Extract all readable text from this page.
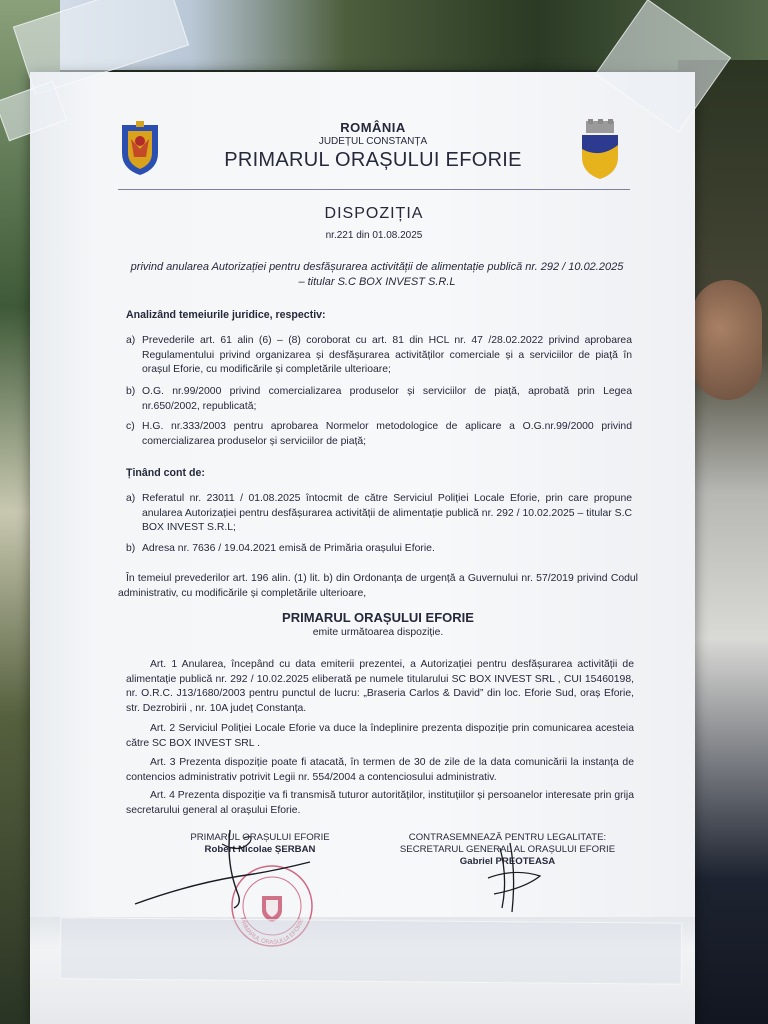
ROMÂNIA
JUDEȚUL CONSTANȚA
PRIMARUL ORAȘULUI EFORIE
DISPOZIȚIA
nr.221 din 01.08.2025
privind anularea Autorizației pentru desfășurarea activității de alimentație publică nr. 292 / 10.02.2025
– titular S.C BOX INVEST S.R.L
Analizând temeiurile juridice, respectiv:
a) Prevederile art. 61 alin (6) – (8) coroborat cu art. 81 din HCL nr. 47 /28.02.2022 privind aprobarea Regulamentului privind organizarea și desfășurarea activităților comerciale și a serviciilor de piață în orașul Eforie, cu modificările și completările ulterioare;
b) O.G. nr.99/2000 privind comercializarea produselor și serviciilor de piață, aprobată prin Legea nr.650/2002, republicată;
c) H.G. nr.333/2003 pentru aprobarea Normelor metodologice de aplicare a O.G.nr.99/2000 privind comercializarea produselor și serviciilor de piață;
Ținând cont de:
a) Referatul nr. 23011 / 01.08.2025 întocmit de către Serviciul Poliției Locale Eforie, prin care propune anularea Autorizației pentru desfășurarea activității de alimentație publică nr. 292 / 10.02.2025 – titular S.C BOX INVEST S.R.L;
b) Adresa nr. 7636 / 19.04.2021 emisă de Primăria orașului Eforie.
În temeiul prevederilor art. 196 alin. (1) lit. b) din Ordonanța de urgență a Guvernului nr. 57/2019 privind Codul administrativ, cu modificările și completările ulterioare,
PRIMARUL ORAȘULUI EFORIE
emite următoarea dispoziție.
Art. 1 Anularea, începând cu data emiterii prezentei, a Autorizației pentru desfășurarea activității de alimentație publică nr. 292 / 10.02.2025 eliberată pe numele titularului SC BOX INVEST SRL , CUI 15460198, nr. O.R.C. J13/1680/2003 pentru punctul de lucru: „Braseria Carlos & David” din loc. Eforie Sud, oraș Eforie, str. Dezrobirii , nr. 10A județ Constanța.
Art. 2 Serviciul Poliției Locale Eforie va duce la îndeplinire prezenta dispoziție prin comunicarea acesteia către SC BOX INVEST SRL .
Art. 3 Prezenta dispoziție poate fi atacată, în termen de 30 de zile de la data comunicării la instanța de contencios administrativ potrivit Legii nr. 554/2004 a contenciosului administrativ.
Art. 4 Prezenta dispoziție va fi transmisă tuturor autorităților, instituțiilor și persoanelor interesate prin grija secretarului general al orașului Eforie.
PRIMARUL ORAȘULUI EFORIE
Robert Nicolae ȘERBAN
CONTRASEMNEAZĂ PENTRU LEGALITATE:
SECRETARUL GENERAL AL ORAȘULUI EFORIE
Gabriel PREOTEASA
PRIMARUL ORAȘULUI EFORIE
